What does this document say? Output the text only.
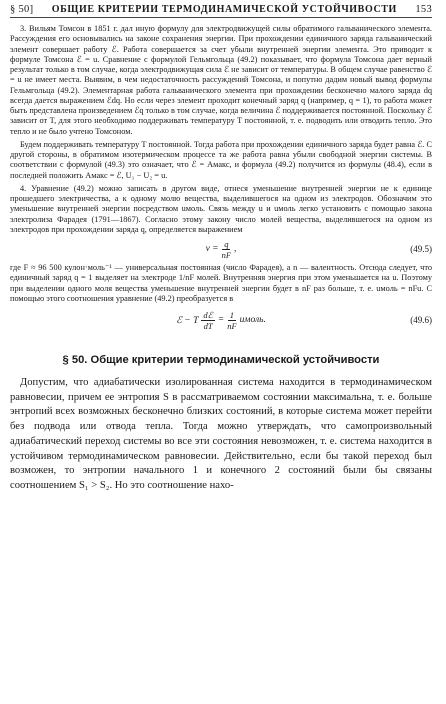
§ 50] ОБЩИЕ КРИТЕРИИ ТЕРМОДИНАМИЧЕСКОЙ УСТОЙЧИВОСТИ 153

3. Вильям Томсон в 1851 г. дал иную формулу для электродвижущей силы обратимого гальванического элемента. Рассуждения его основывались на законе сохранения энергии. При прохождении единичного заряда гальванический элемент совершает работу ℰ. Работа совершается за счет убыли внутренней энергии элемента. Это приводит к формуле Томсона ℰ = u. Сравнение с формулой Гельмгольца (49.2) показывает, что формула Томсона дает верный результат только в том случае, когда электродвижущая сила ℰ не зависит от температуры. В общем случае равенство ℰ = u не имеет места. Выявим, в чем недостаточность рассуждений Томсона, и попутно дадим новый вывод формулы Гельмгольца (49.2). Элементарная работа гальванического элемента при прохождении бесконечно малого заряда dq всегда дается выражением ℰdq. Но если через элемент проходит конечный заряд q (например, q = 1), то работа может быть представлена произведением ℰq только в том случае, когда величина ℰ поддерживается постоянной. Поскольку ℰ зависит от T, для этого необходимо поддерживать температуру T постоянной, т. е. подводить или отводить тепло. Это тепло и не было учтено Томсоном.

Будем поддерживать температуру T постоянной. Тогда работа при прохождении единичного заряда будет равна ℰ. С другой стороны, в обратимом изотермическом процессе та же работа равна убыли свободной энергии системы. В соответствии с формулой (49.3) это означает, что ℰ = Aмакс, и формула (49.2) получится из формулы (48.4), если в последней положить Aмакс = ℰ, U₁ − U₂ = u.

4. Уравнение (49.2) можно записать в другом виде, отнеся уменьшение внутренней энергии не к единице прошедшего электричества, а к одному молю вещества, выделившегося на одном из электродов. Обозначим это уменьшение внутренней энергии посредством uмоль. Связь между u и uмоль легко установить с помощью закона электролиза Фарадея (1791—1867). Согласно этому закону число молей вещества, выделившегося на одном из электродов при прохождении заряда q, определяется выражением

$\nu = \frac{q}{nF}$ ,	(49.5)

где F ≈ 96 500 кулон·моль⁻¹ — универсальная постоянная (число Фарадея), а n — валентность. Отсюда следует, что единичный заряд q = 1 выделяет на электроде 1/nF молей. Внутренняя энергия при этом уменьшается на u. Поэтому при выделении одного моля вещества уменьшение внутренней энергии будет в nF раз больше, т. е. uмоль = nFu. С помощью этого соотношения уравнение (49.2) преобразуется в

ℰ − T $\frac{\text{dℰ}}{dT} = \frac{1}{nF}$ uмоль.	(49.6)
§ 50. Общие критерии термодинамической устойчивости

Допустим, что адиабатически изолированная система находится в термодинамическом равновесии, причем ее энтропия S в рассматриваемом состоянии максимальна, т. е. больше энтропий всех возможных бесконечно близких состояний, в которые система может перейти без подвода или отвода тепла. Тогда можно утверждать, что самопроизвольный адиабатический переход системы во все эти состояния невозможен, т. е. система находится в устойчивом термодинамическом равновесии. Действительно, если бы такой переход был возможен, то энтропии начального 1 и конечного 2 состояний были бы связаны соотношением S₁ > S₂. Но это соотношение нахо-
